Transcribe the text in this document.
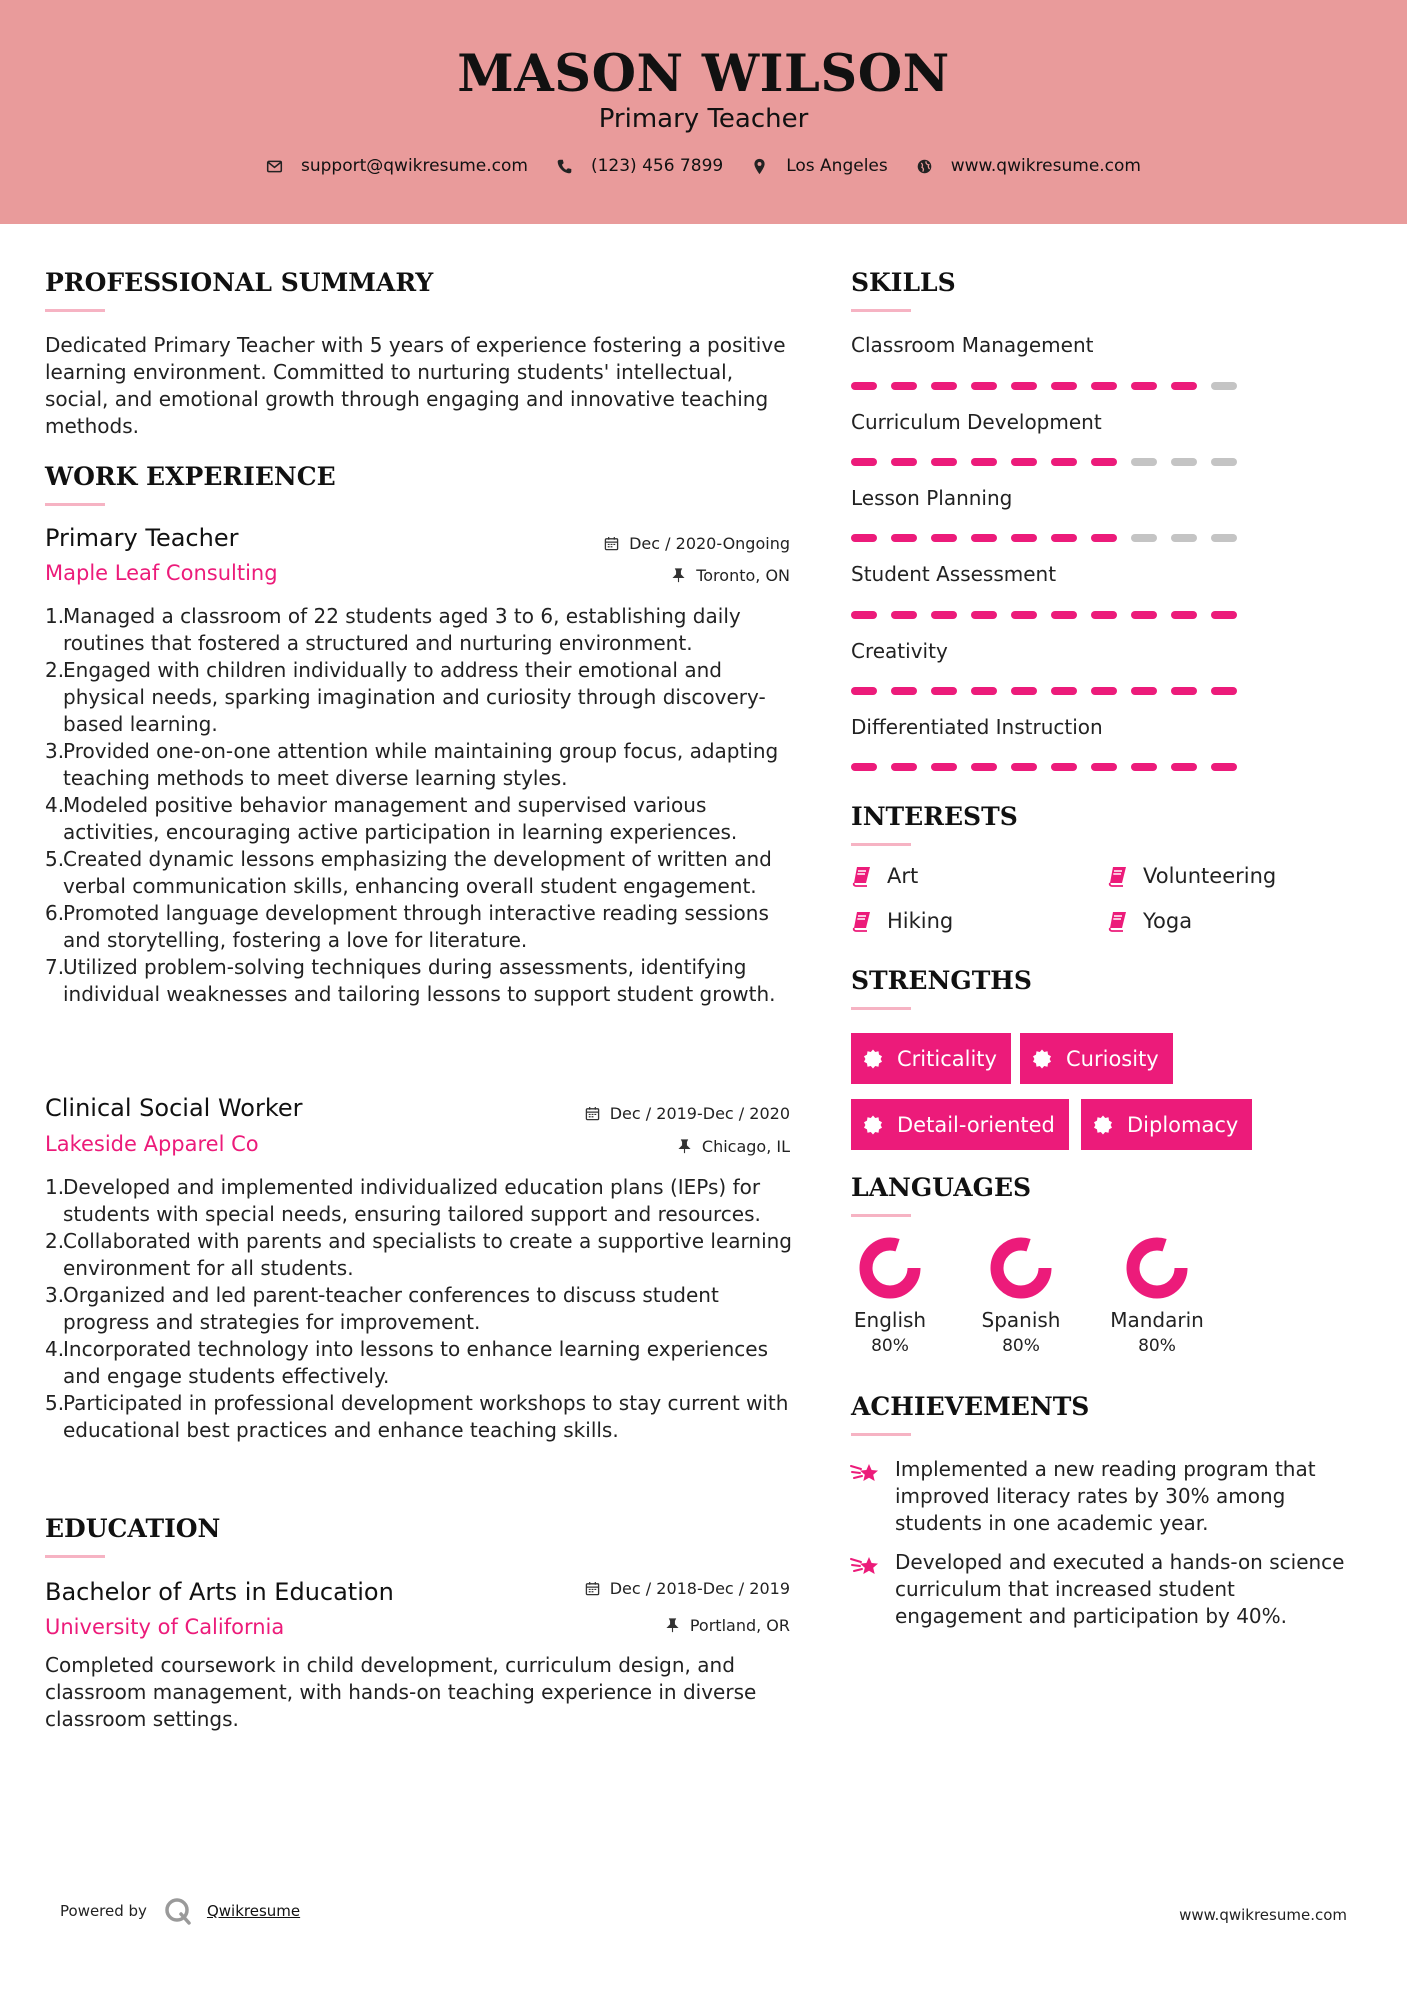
MASON WILSON
Primary Teacher
support@qwikresume.com	(123) 456 7899	Los Angeles	www.qwikresume.com
PROFESSIONAL SUMMARY
Dedicated Primary Teacher with 5 years of experience fostering a positive learning environment. Committed to nurturing students' intellectual, social, and emotional growth through engaging and innovative teaching methods.
WORK EXPERIENCE
Primary Teacher
Maple Leaf Consulting
Dec / 2020-Ongoing
Toronto, ON
1.
Managed a classroom of 22 students aged 3 to 6, establishing daily routines that fostered a structured and nurturing environment.
2.
Engaged with children individually to address their emotional and physical needs, sparking imagination and curiosity through discovery-based learning.
3.
Provided one-on-one attention while maintaining group focus, adapting teaching methods to meet diverse learning styles.
4.
Modeled positive behavior management and supervised various activities, encouraging active participation in learning experiences.
5.
Created dynamic lessons emphasizing the development of written and verbal communication skills, enhancing overall student engagement.
6.
Promoted language development through interactive reading sessions and storytelling, fostering a love for literature.
7.
Utilized problem-solving techniques during assessments, identifying individual weaknesses and tailoring lessons to support student growth.
Clinical Social Worker
Lakeside Apparel Co
Dec / 2019-Dec / 2020
Chicago, IL
1.
Developed and implemented individualized education plans (IEPs) for students with special needs, ensuring tailored support and resources.
2.
Collaborated with parents and specialists to create a supportive learning environment for all students.
3.
Organized and led parent-teacher conferences to discuss student progress and strategies for improvement.
4.
Incorporated technology into lessons to enhance learning experiences and engage students effectively.
5.
Participated in professional development workshops to stay current with educational best practices and enhance teaching skills.
EDUCATION
Bachelor of Arts in Education
University of California
Dec / 2018-Dec / 2019
Portland, OR
Completed coursework in child development, curriculum design, and classroom management, with hands-on teaching experience in diverse classroom settings.
SKILLS
Classroom Management
Curriculum Development
Lesson Planning
Student Assessment
Creativity
Differentiated Instruction
INTERESTS
Art	Volunteering
Hiking	Yoga
STRENGTHS
Criticality	Curiosity
Detail-oriented	Diplomacy
LANGUAGES
English
80%
Spanish
80%
Mandarin
80%
ACHIEVEMENTS
Implemented a new reading program that improved literacy rates by 30% among students in one academic year.
Developed and executed a hands-on science curriculum that increased student engagement and participation by 40%.
Powered by	Qwikresume	www.qwikresume.com
